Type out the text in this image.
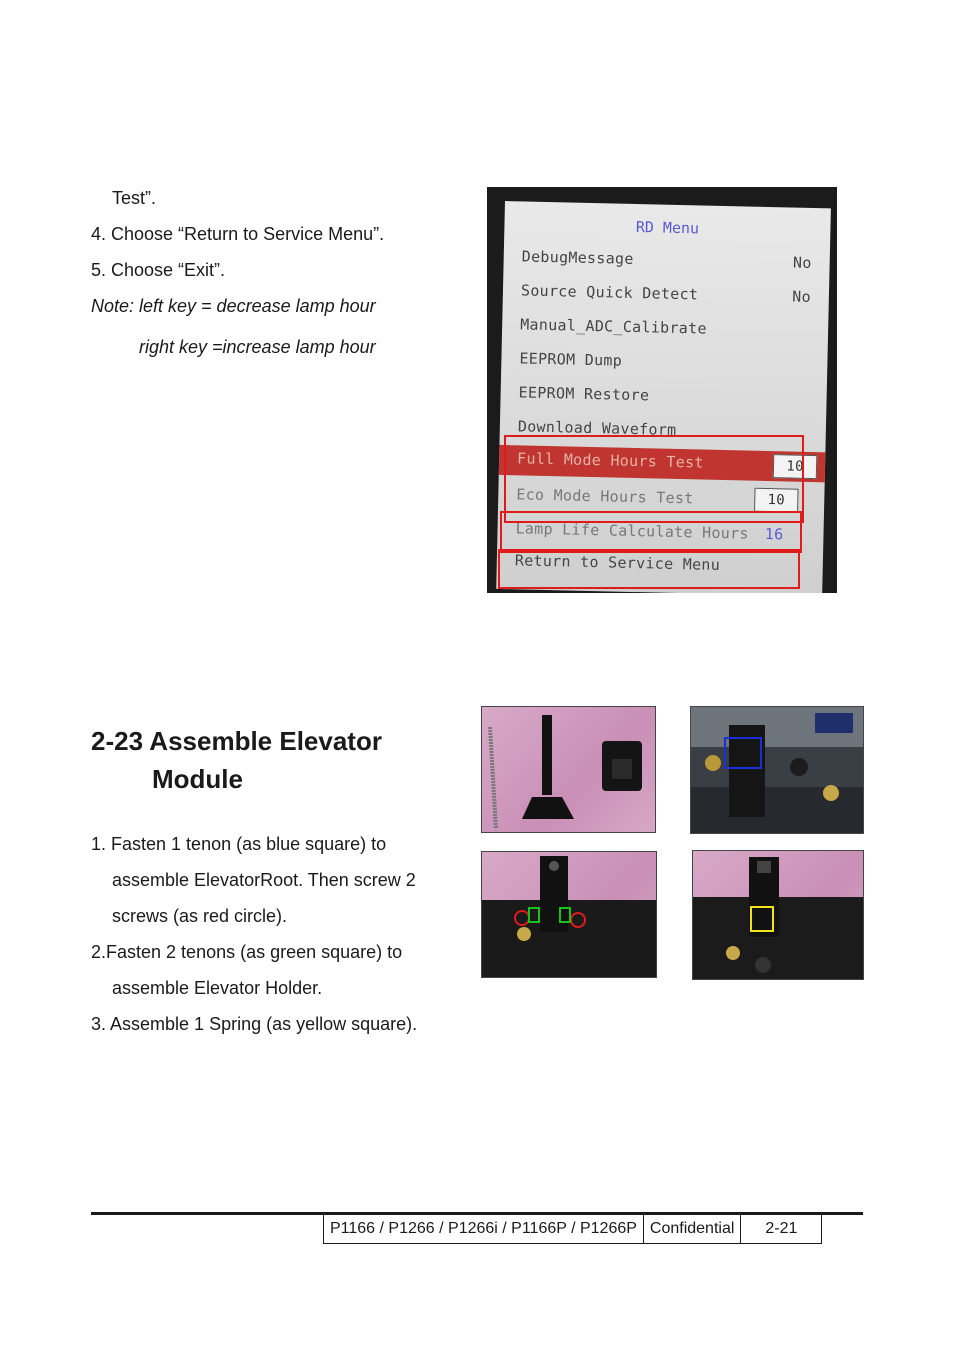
Test”.
4. Choose “Return to Service Menu”.
5. Choose “Exit”.
Note: left key = decrease lamp hour
right key =increase lamp hour
RD Menu
DebugMessage	No
Source Quick Detect	No
Manual_ADC_Calibrate
EEPROM Dump
EEPROM Restore
Download Waveform
Full Mode Hours Test	10
Eco Mode Hours Test	10
Lamp Life Calculate Hours 16
Return to Service Menu
2-23 Assemble Elevator
Module
1. Fasten 1 tenon (as blue square) to
assemble ElevatorRoot. Then screw 2
screws (as red circle).
2.Fasten 2 tenons (as green square) to
assemble Elevator Holder.
3. Assemble 1 Spring (as yellow square).
P1166 / P1266 / P1266i / P1166P / P1266P Confidential	2-21
